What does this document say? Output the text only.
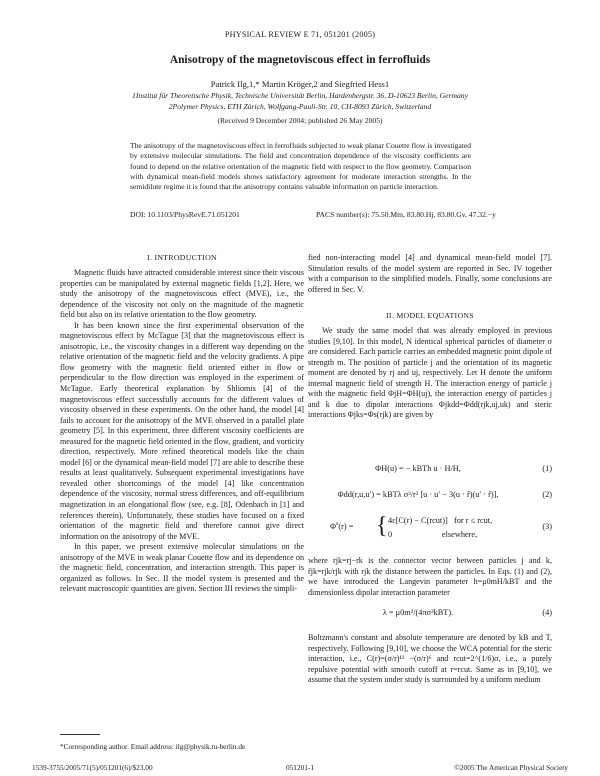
PHYSICAL REVIEW E 71, 051201 (2005)
Anisotropy of the magnetoviscous effect in ferrofluids
Patrick Ilg,1,* Martin Kröger,2 and Siegfried Hess1
1Institut für Theoretische Physik, Technische Universität Berlin, Hardenbergstr. 36, D-10623 Berlin, Germany
2Polymer Physics, ETH Zürich, Wolfgang-Pauli-Str. 10, CH-8093 Zürich, Switzerland
(Received 9 December 2004; published 26 May 2005)
The anisotropy of the magnetoviscous effect in ferrofluids subjected to weak planar Couette flow is investigated by extensive molecular simulations. The field and concentration dependence of the viscosity coefficients are found to depend on the relative orientation of the magnetic field with respect to the flow geometry. Comparison with dynamical mean-field models shows satisfactory agreement for moderate interaction strengths. In the semidilute regime it is found that the anisotropy contains valuable information on particle interaction.
DOI: 10.1103/PhysRevE.71.051201	PACS number(s): 75.50.Mm, 83.80.Hj, 83.80.Gv, 47.32.−y
I. INTRODUCTION

Magnetic fluids have attracted considerable interest since their viscous properties can be manipulated by external magnetic fields [1,2]. Here, we study the anisotropy of the magnetoviscous effect (MVE), i.e., the dependence of the viscosity not only on the magnitude of the magnetic field but also on its relative orientation to the flow geometry.

It has been known since the first experimental observation of the magnetoviscous effect by McTague [3] that the magnetoviscous effect is anisotropic, i.e., the viscosity changes in a different way depending on the relative orientation of the magnetic field and the velocity gradients. A pipe flow geometry with the magnetic field oriented either in flow or perpendicular to the flow direction was employed in the experiment of McTague. Early theoretical explanation by Shliomis [4] of the magnetoviscous effect successfully accounts for the different values of viscosity observed in these experiments. On the other hand, the model [4] fails to account for the anisotropy of the MVE observed in a parallel plate geometry [5]. In this experiment, three different viscosity coefficients are measured for the magnetic field oriented in the flow, gradient, and vorticity direction, respectively. More refined theoretical models like the chain model [6] or the dynamical mean-field model [7] are able to describe these results at least qualitatively. Subsequent experimental investigations have revealed other shortcomings of the model [4] like concentration dependence of the viscosity, normal stress differences, and off-equilibrium magnetization in an elongational flow (see, e.g. [8], Odenbach in [1] and references therein). Unfortunately, these studies have focused on a fixed orientation of the magnetic field and therefore cannot give direct information on the anisotropy of the MVE.

In this paper, we present extensive molecular simulations on the anisotropy of the MVE in weak planar Couette flow and its dependence on the magnetic field, concentration, and interaction strength. This paper is organized as follows. In Sec. II the model system is presented and the relevant macroscopic quantities are given. Section III reviews the simpli-

*Corresponding author. Email address: ilg@physik.tu-berlin.de

fied non-interacting model [4] and dynamical mean-field model [7]. Simulation results of the model system are reported in Sec. IV together with a comparison to the simplified models. Finally, some conclusions are offered in Sec. V.

II. MODEL EQUATIONS

We study the same model that was already employed in previous studies [9,10]. In this model, N identical spherical particles of diameter σ are considered. Each particle carries an embedded magnetic point dipole of strength m. The position of particle j and the orientation of its magnetic moment are denoted by rj and uj, respectively. Let H denote the uniform internal magnetic field of strength H. The interaction energy of particle j with the magnetic field ΦjH=ΦH(uj), the interaction energy of particles j and k due to dipolar interactions Φjkdd=Φdd(rjk,uj,uk) and steric interactions Φjks=Φs(rjk) are given by

ΦH(u) = − kBTh u · H/H,	(1)
Φdd(r,u,u′) = kBTλ σ³/r³ [u · u′ − 3(u · r̂)(u′ · r̂)],	(2)
$\Phi^s(r)$ = { 4ε[C(r) − C(rcut)]   for r ≤ rcut,
0                        elsewhere,
(3)

where rjk=rj−rk is the connector vector between particles j and k, r̂jk=rjk/rjk with rjk the distance between the particles. In Eqs. (1) and (2), we have introduced the Langevin parameter h=μ0mH/kBT and the dimensionless dipolar interaction parameter

λ = μ0m²/(4πσ³kBT).	(4)

Boltzmann's constant and absolute temperature are denoted by kB and T, respectively. Following [9,10], we choose the WCA potential for the steric interaction, i.e., C(r)=(σ/r)¹² −(σ/r)⁶ and rcut=2^(1/6)σ, i.e., a purely repulsive potential with smooth cutoff at r=rcut. Same as in [9,10], we assume that the system under study is surrounded by a uniform medium

1539-3755/2005/71(5)/051201(6)/$23.00	051201-1	©2005 The American Physical Society
